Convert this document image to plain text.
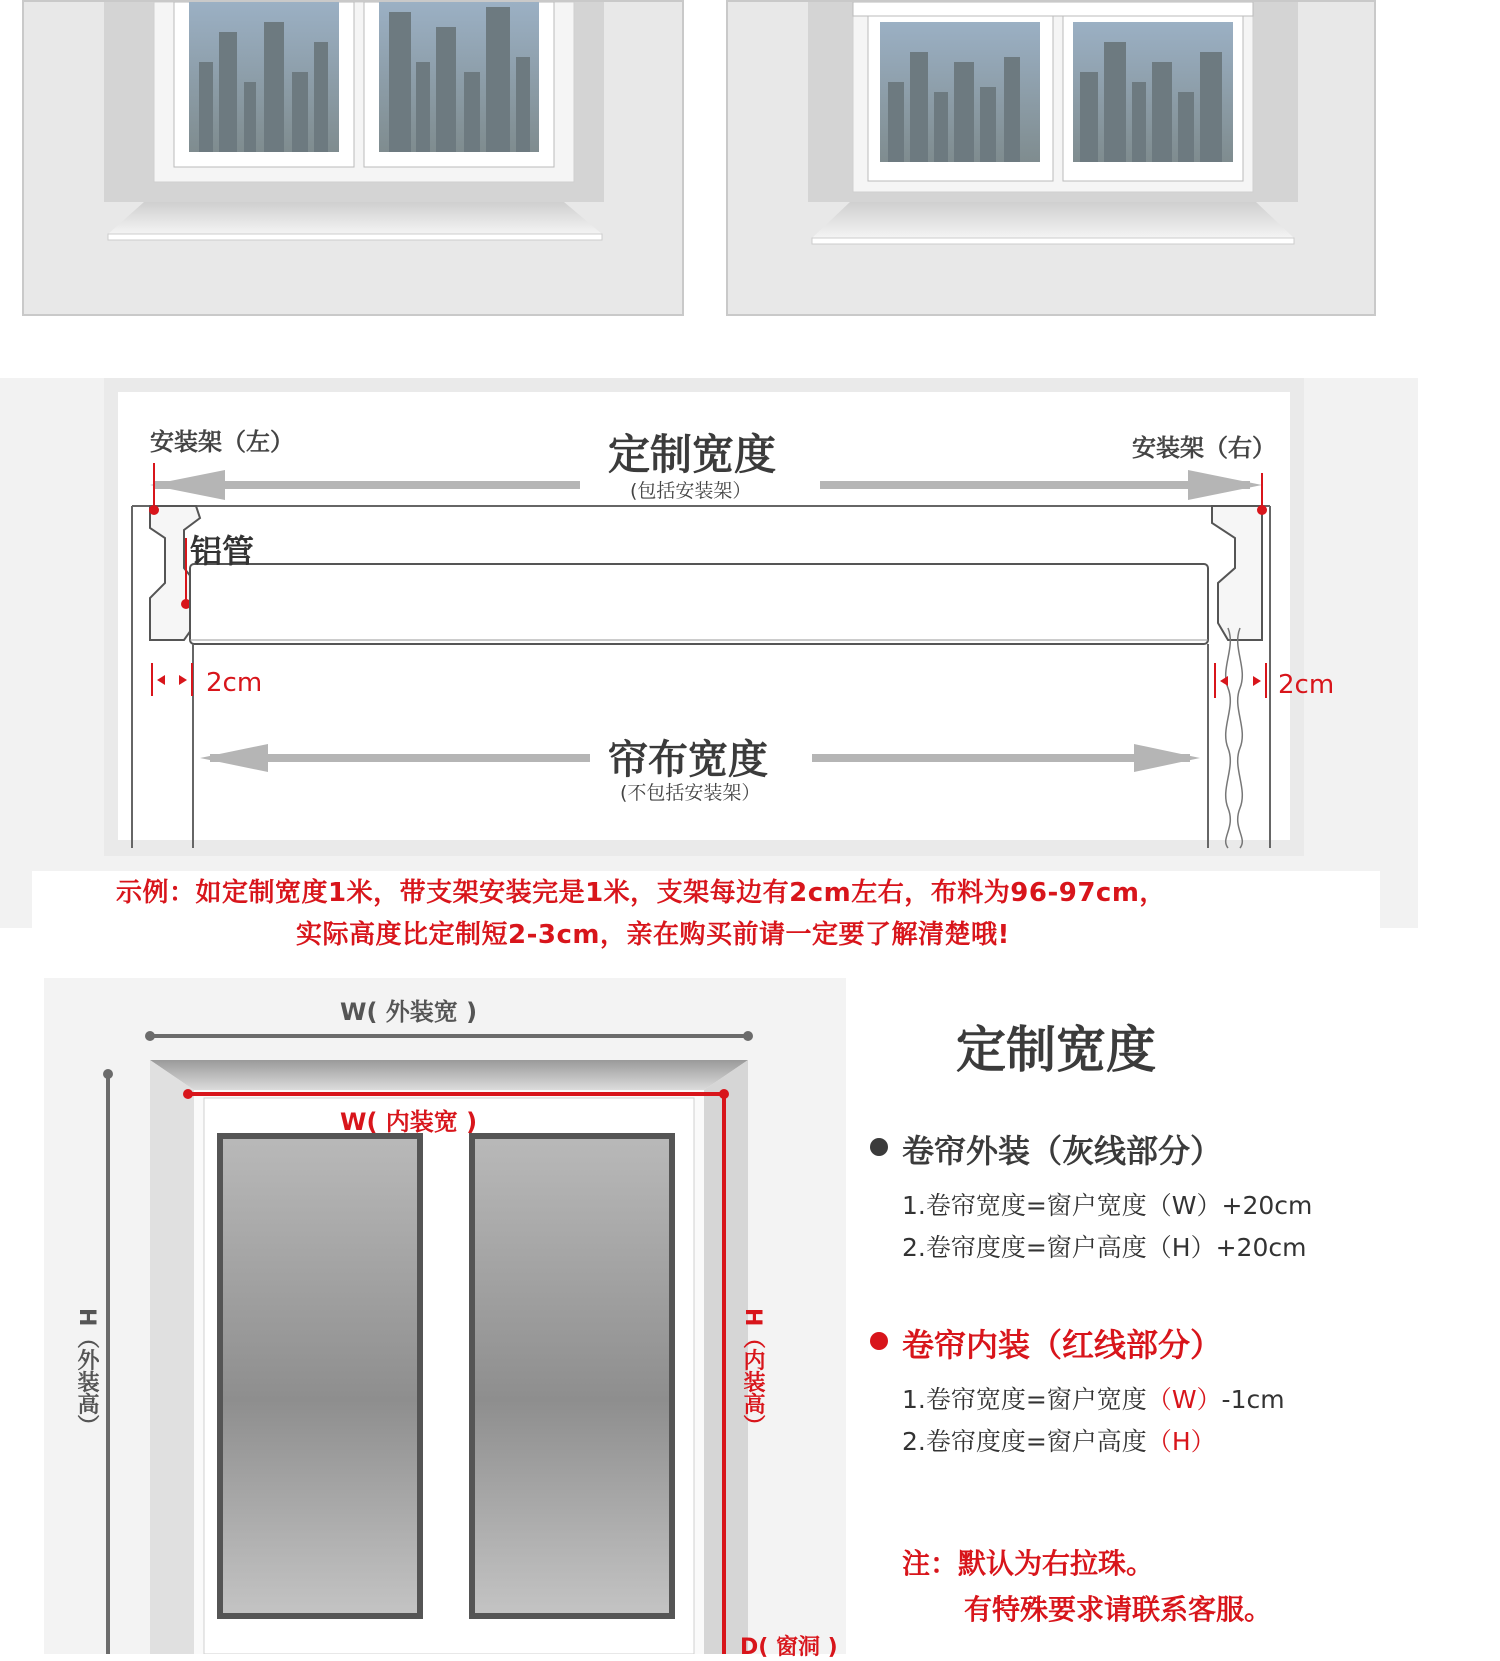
安装架（左）	安装架（右）
定制宽度
(包括安装架）
铝管
2cm	2cm
帘布宽度
(不包括安装架）
示例：如定制宽度1米，带支架安装完是1米，支架每边有2cm左右，布料为96-97cm，
实际高度比定制短2-3cm，亲在购买前请一定要了解清楚哦!
W( 外装宽 )
W( 内装宽 )
H（外装高）	H（内装高）
D( 窗洞 )
定制宽度
卷帘外装（灰线部分）
1.卷帘宽度=窗户宽度（W）+20cm
2.卷帘度度=窗户高度（H）+20cm
卷帘内装（红线部分）
1.卷帘宽度=窗户宽度（W）-1cm
2.卷帘度度=窗户高度（H）
注：默认为右拉珠。
有特殊要求请联系客服。
